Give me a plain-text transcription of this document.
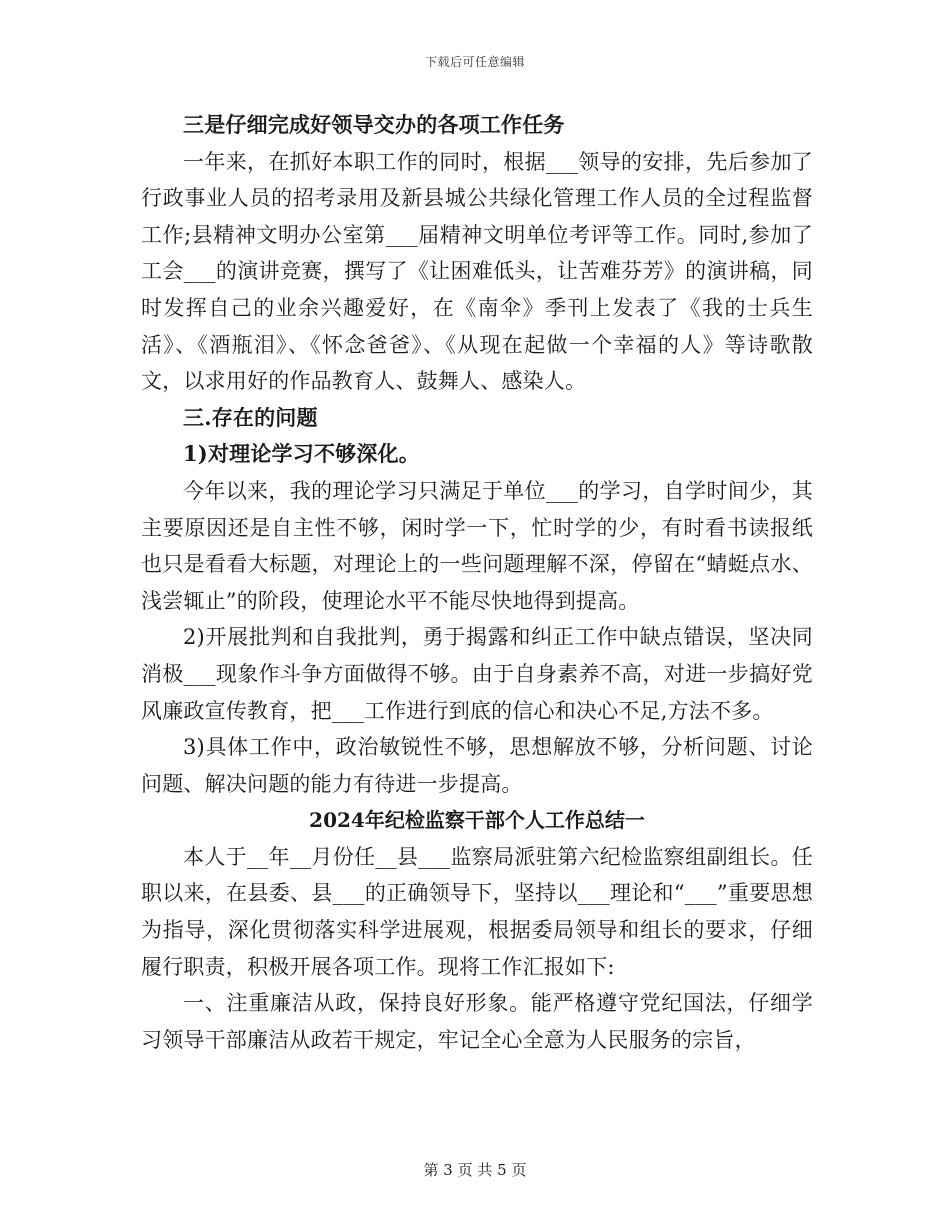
下载后可任意编辑

三是仔细完成好领导交办的各项工作任务

一年来，在抓好本职工作的同时，根据___领导的安排，先后参加了行政事业人员的招考录用及新县城公共绿化管理工作人员的全过程监督工作;县精神文明办公室第___届精神文明单位考评等工作。同时,参加了工会___的演讲竞赛，撰写了《让困难低头，让苦难芬芳》的演讲稿，同时发挥自己的业余兴趣爱好，在《南伞》季刊上发表了《我的士兵生活》、《酒瓶泪》、《怀念爸爸》、《从现在起做一个幸福的人》等诗歌散文，以求用好的作品教育人、鼓舞人、感染人。

三.存在的问题

1)对理论学习不够深化。

今年以来，我的理论学习只满足于单位___的学习，自学时间少，其主要原因还是自主性不够，闲时学一下，忙时学的少，有时看书读报纸也只是看看大标题，对理论上的一些问题理解不深，停留在“蜻蜓点水、浅尝辄止”的阶段，使理论水平不能尽快地得到提高。

2)开展批判和自我批判，勇于揭露和纠正工作中缺点错误，坚决同消极___现象作斗争方面做得不够。由于自身素养不高，对进一步搞好党风廉政宣传教育，把___工作进行到底的信心和决心不足,方法不多。

3)具体工作中，政治敏锐性不够，思想解放不够，分析问题、讨论问题、解决问题的能力有待进一步提高。

2024年纪检监察干部个人工作总结一

本人于__年__月份任__县___监察局派驻第六纪检监察组副组长。任职以来，在县委、县___的正确领导下，坚持以___理论和“___”重要思想为指导，深化贯彻落实科学进展观，根据委局领导和组长的要求，仔细履行职责，积极开展各项工作。现将工作汇报如下:

一、注重廉洁从政，保持良好形象。能严格遵守党纪国法，仔细学习领导干部廉洁从政若干规定，牢记全心全意为人民服务的宗旨，

第 3 页 共 5 页
